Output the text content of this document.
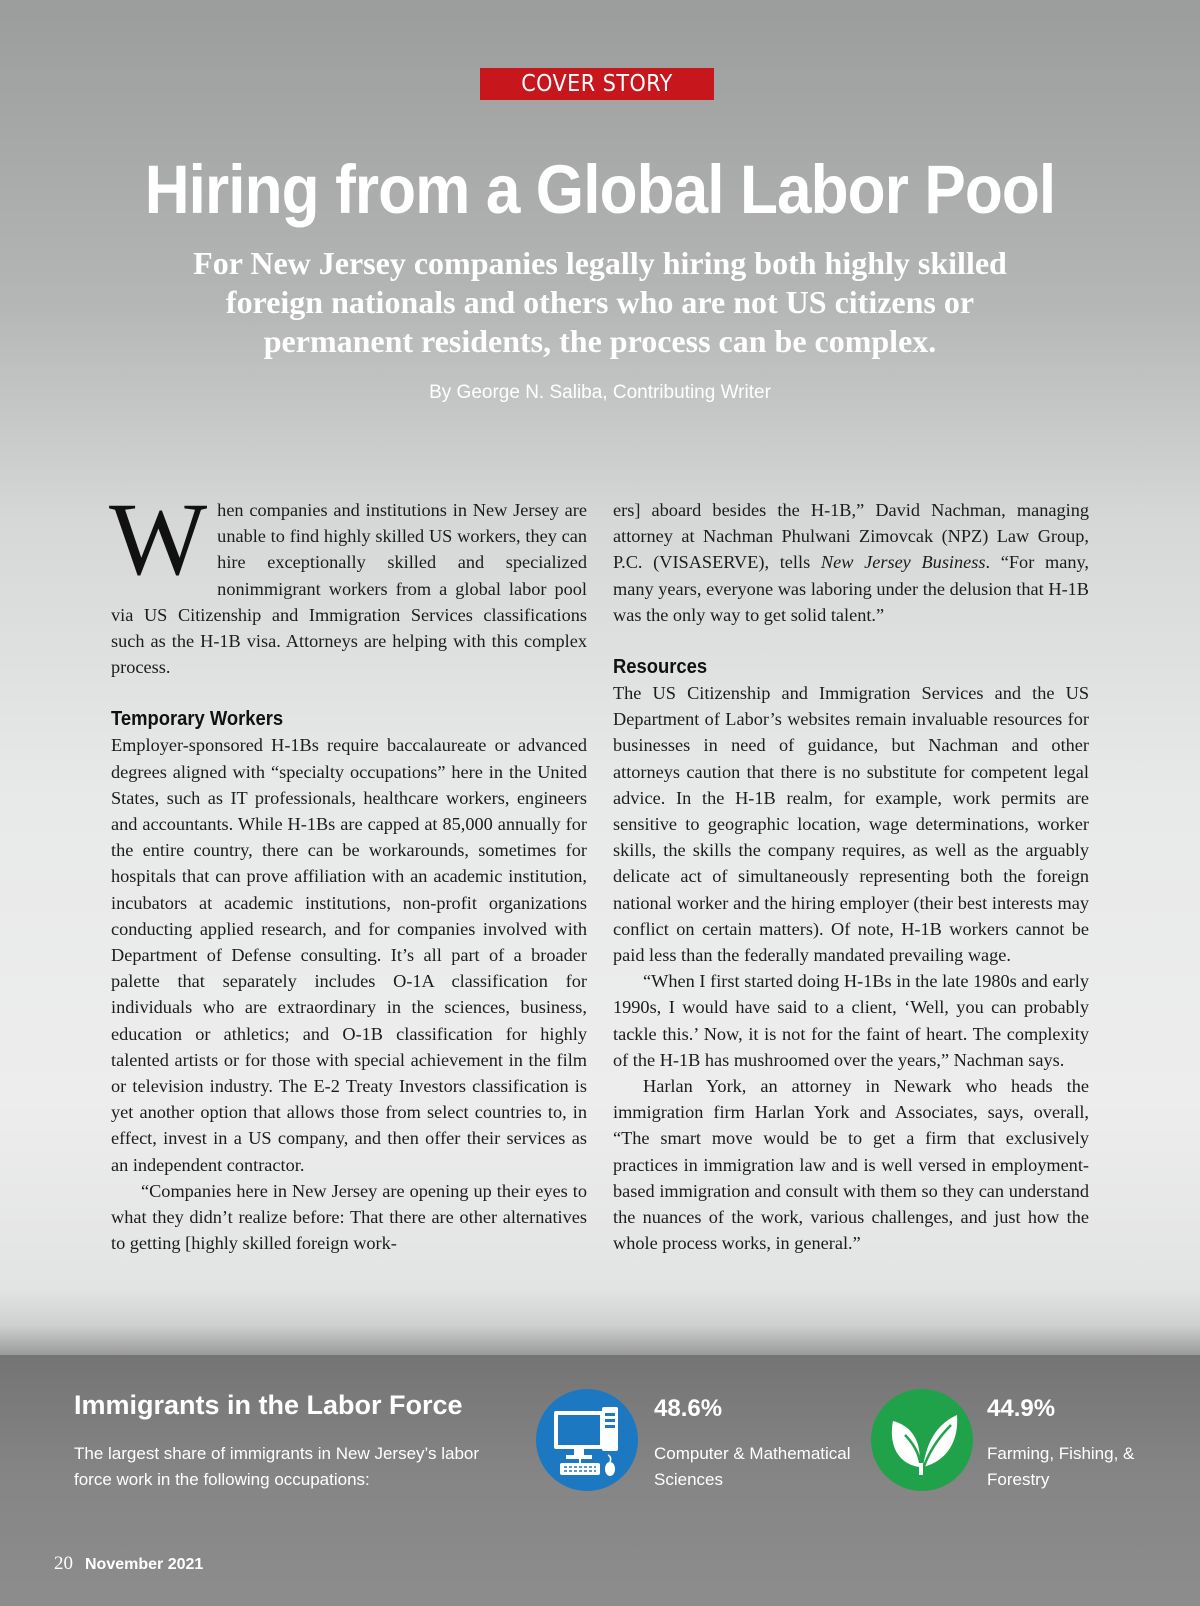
COVER STORY
Hiring from a Global Labor Pool

For New Jersey companies legally hiring both highly skilled foreign nationals and others who are not US citizens or permanent residents, the process can be complex.

By George N. Saliba, Contributing Writer

When companies and institutions in New Jersey are unable to find highly skilled US workers, they can hire exceptionally skilled and specialized nonimmigrant workers from a global labor pool via US Citizenship and Immigration Services classifications such as the H-1B visa. Attorneys are helping with this complex process.

Temporary Workers

Employer-sponsored H-1Bs require baccalaureate or advanced degrees aligned with “specialty occupations” here in the United States, such as IT professionals, healthcare workers, engineers and accountants. While H-1Bs are capped at 85,000 annually for the entire country, there can be workarounds, sometimes for hospitals that can prove affiliation with an academic institution, incubators at academic institutions, non-profit organizations conducting applied research, and for companies involved with Department of Defense consulting. It’s all part of a broader palette that separately includes O-1A classification for individuals who are extraordinary in the sciences, business, education or athletics; and O-1B classification for highly talented artists or for those with special achievement in the film or television industry. The E-2 Treaty Investors classification is yet another option that allows those from select countries to, in effect, invest in a US company, and then offer their services as an independent contractor.

“Companies here in New Jersey are opening up their eyes to what they didn’t realize before: That there are other alternatives to getting [highly skilled foreign work-

ers] aboard besides the H-1B,” David Nachman, managing attorney at Nachman Phulwani Zimovcak (NPZ) Law Group, P.C. (VISASERVE), tells New Jersey Business. “For many, many years, everyone was laboring under the delusion that H-1B was the only way to get solid talent.”

Resources

The US Citizenship and Immigration Services and the US Department of Labor’s websites remain invaluable resources for businesses in need of guidance, but Nachman and other attorneys caution that there is no substitute for competent legal advice. In the H-1B realm, for example, work permits are sensitive to geographic location, wage determinations, worker skills, the skills the company requires, as well as the arguably delicate act of simultaneously representing both the foreign national worker and the hiring employer (their best interests may conflict on certain matters). Of note, H-1B workers cannot be paid less than the federally mandated prevailing wage.

“When I first started doing H-1Bs in the late 1980s and early 1990s, I would have said to a client, ‘Well, you can probably tackle this.’ Now, it is not for the faint of heart. The complexity of the H-1B has mushroomed over the years,” Nachman says.

Harlan York, an attorney in Newark who heads the immigration firm Harlan York and Associates, says, overall, “The smart move would be to get a firm that exclusively practices in immigration law and is well versed in employment-based immigration and consult with them so they can understand the nuances of the work, various challenges, and just how the whole process works, in general.”

Immigrants in the Labor Force

The largest share of immigrants in New Jersey’s labor force work in the following occupations:

48.6%

Computer & Mathematical Sciences

44.9%

Farming, Fishing, & Forestry

20 November 2021
